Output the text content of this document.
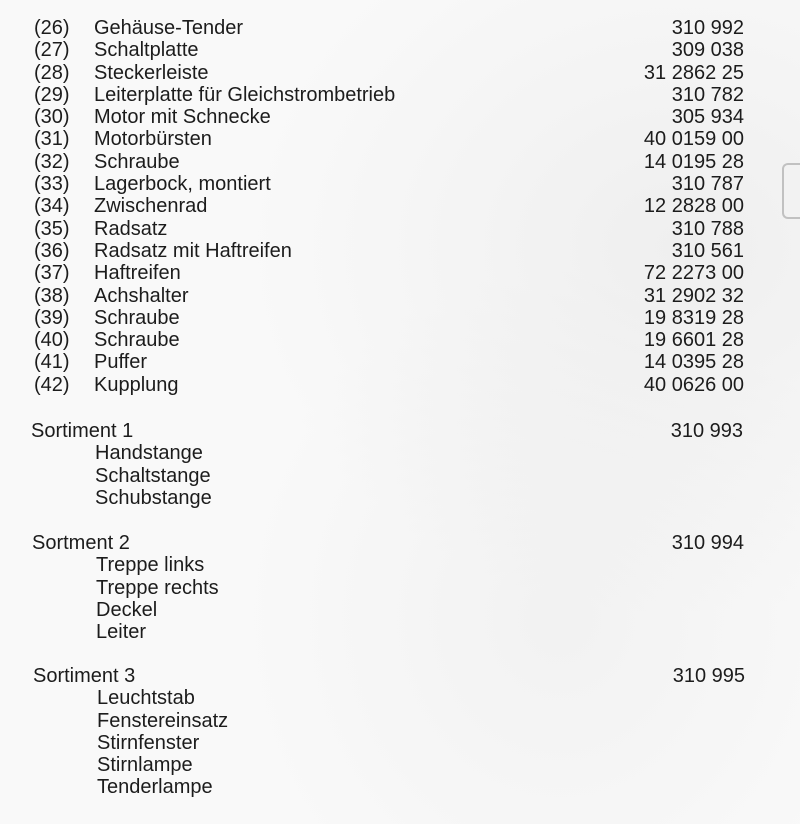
(26) Gehäuse-Tender	310 992
(27) Schaltplatte	309 038
(28) Steckerleiste	31 2862 25
(29) Leiterplatte für Gleichstrombetrieb	310 782
(30) Motor mit Schnecke	305 934
(31) Motorbürsten	40 0159 00
(32) Schraube	14 0195 28
(33) Lagerbock, montiert	310 787
(34) Zwischenrad	12 2828 00
(35) Radsatz	310 788
(36) Radsatz mit Haftreifen	310 561
(37) Haftreifen	72 2273 00
(38) Achshalter	31 2902 32
(39) Schraube	19 8319 28
(40) Schraube	19 6601 28
(41) Puffer	14 0395 28
(42) Kupplung	40 0626 00
Sortiment 1	310 993
Handstange
Schaltstange
Schubstange
Sortment 2	310 994
Treppe links
Treppe rechts
Deckel
Leiter
Sortiment 3	310 995
Leuchtstab
Fenstereinsatz
Stirnfenster
Stirnlampe
Tenderlampe
